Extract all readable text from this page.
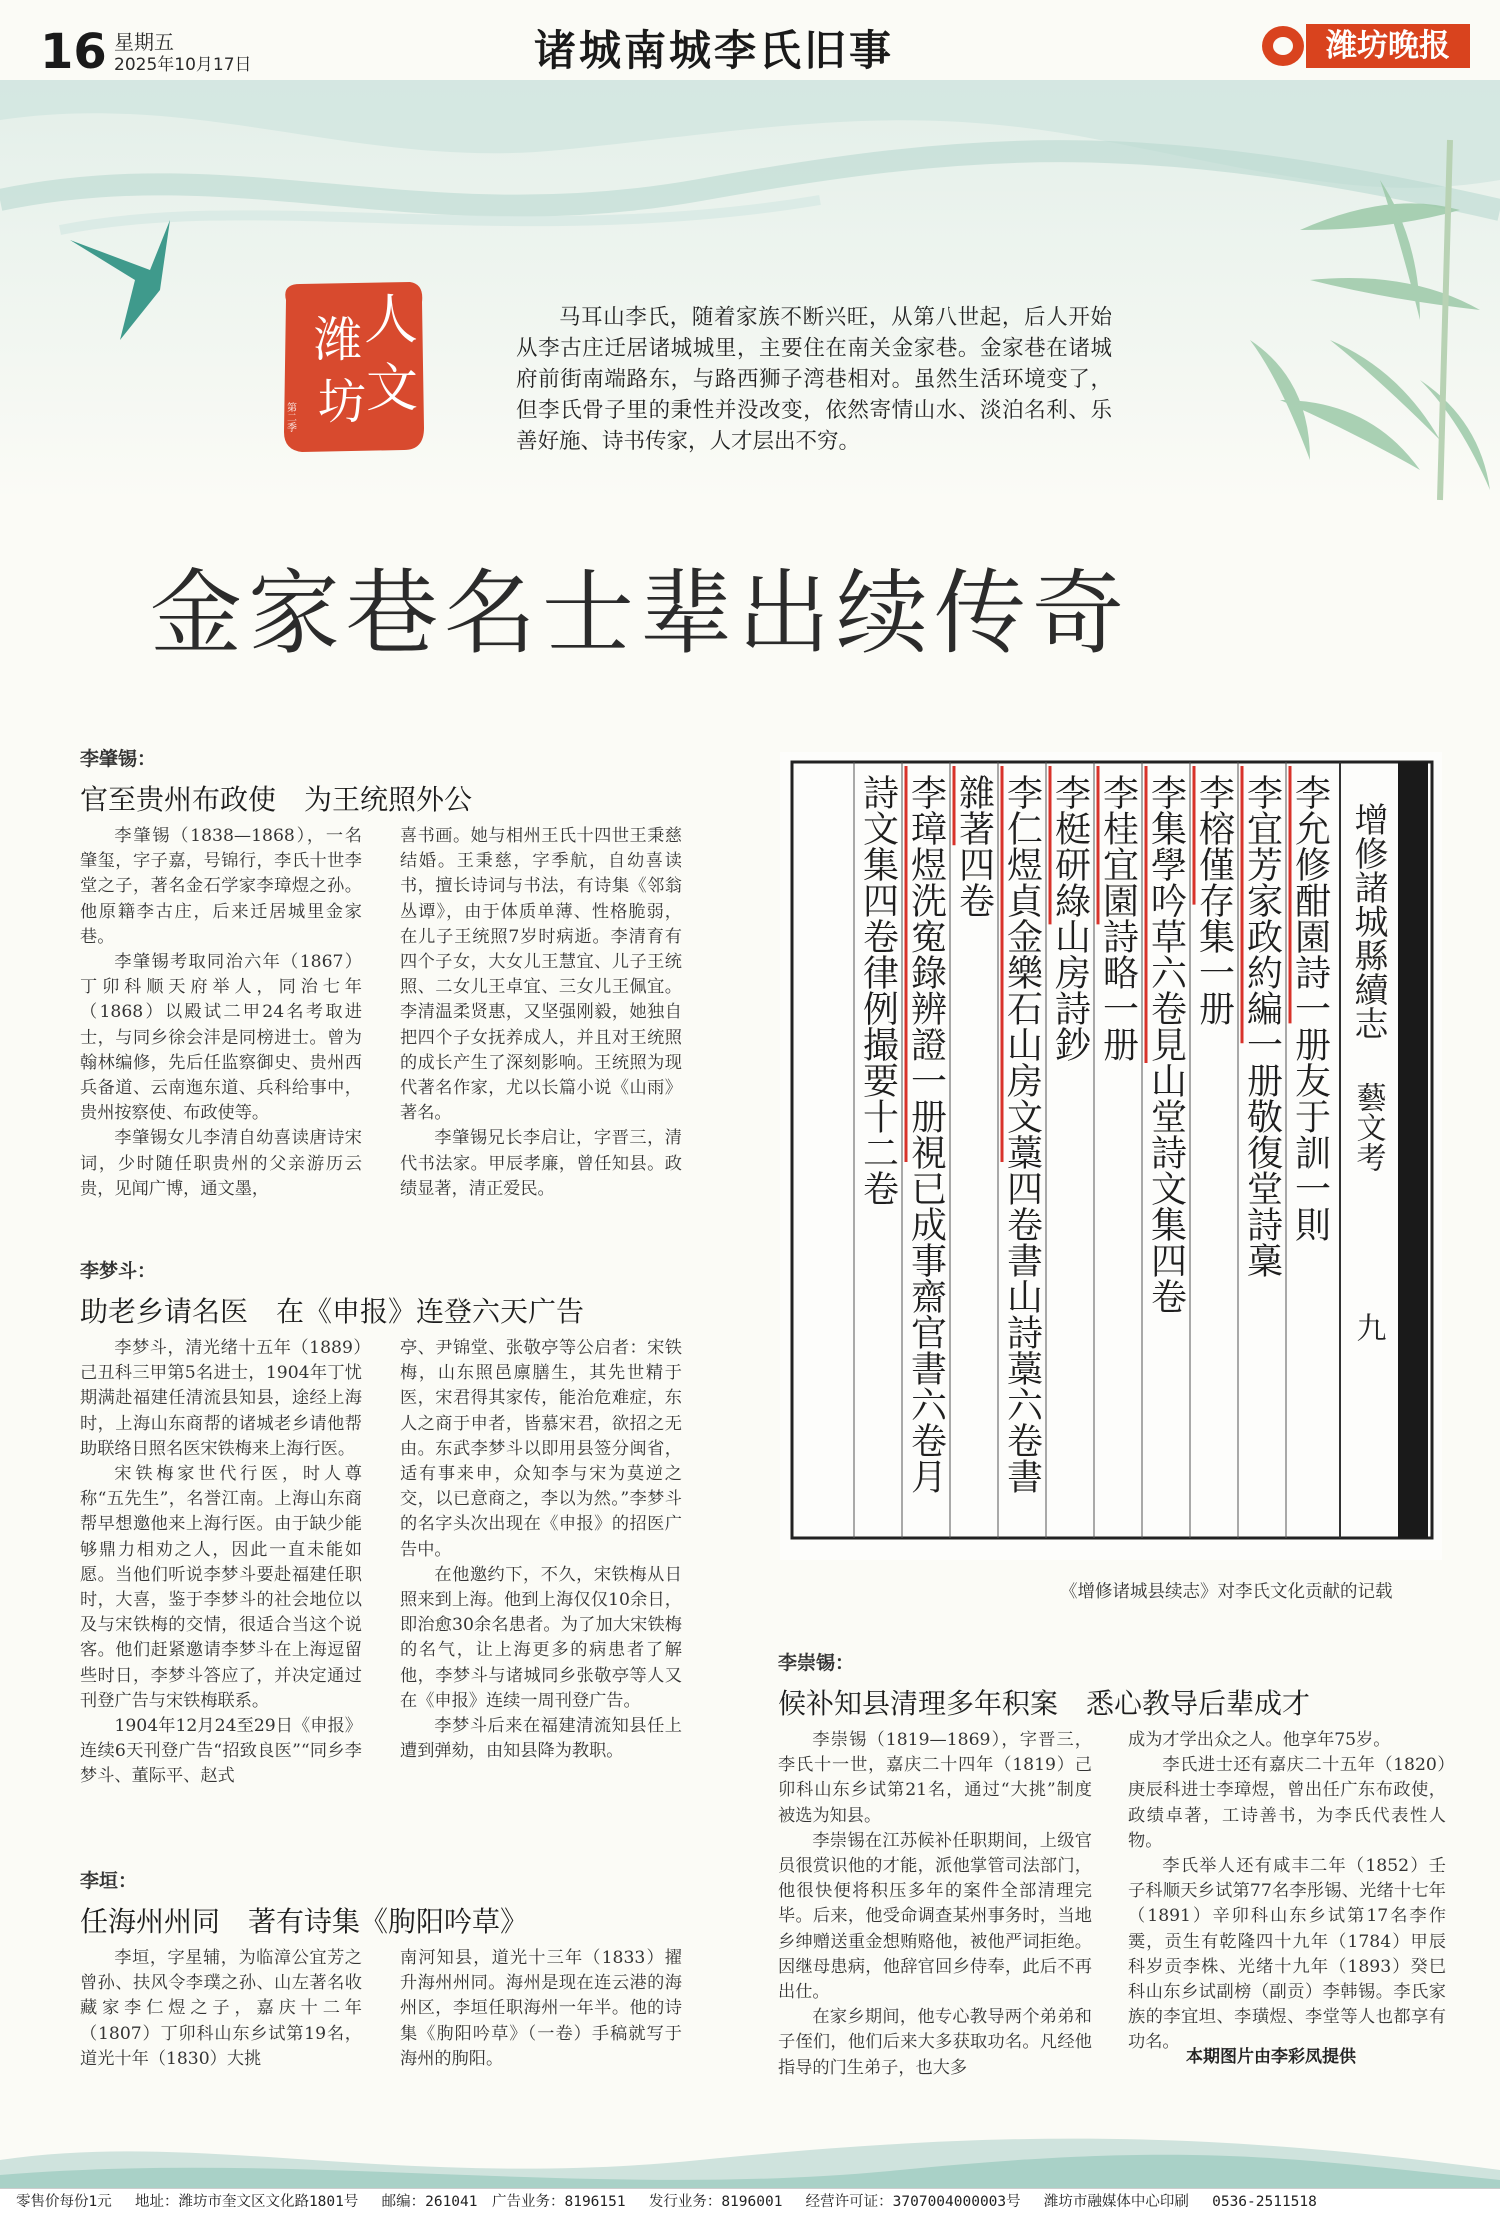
16 星期五
2025年10月17日	诸城南城李氏旧事	潍坊晚报
潍 人
坊 文
第二季
马耳山李氏，随着家族不断兴旺，从第八世起，后人开始从李古庄迁居诸城城里，主要住在南关金家巷。金家巷在诸城府前街南端路东，与路西狮子湾巷相对。虽然生活环境变了，但李氏骨子里的秉性并没改变，依然寄情山水、淡泊名利、乐善好施、诗书传家，人才层出不穷。
金家巷名士辈出续传奇
李肇锡：
官至贵州布政使　为王统照外公

李肇锡（1838—1868），一名肇玺，字子嘉，号锦行，李氏十世李堂之子，著名金石学家李璋煜之孙。他原籍李古庄，后来迁居城里金家巷。

李肇锡考取同治六年（1867）丁卯科顺天府举人，同治七年（1868）以殿试二甲24名考取进士，与同乡徐会沣是同榜进士。曾为翰林编修，先后任监察御史、贵州西兵备道、云南迤东道、兵科给事中，贵州按察使、布政使等。

李肇锡女儿李清自幼喜读唐诗宋词，少时随任职贵州的父亲游历云贵，见闻广博，通文墨，

喜书画。她与相州王氏十四世王秉慈结婚。王秉慈，字季航，自幼喜读书，擅长诗词与书法，有诗集《邻翁丛谭》，由于体质单薄、性格脆弱，在儿子王统照7岁时病逝。李清育有四个子女，大女儿王慧宜、儿子王统照、二女儿王卓宜、三女儿王佩宜。李清温柔贤惠，又坚强刚毅，她独自把四个子女抚养成人，并且对王统照的成长产生了深刻影响。王统照为现代著名作家，尤以长篇小说《山雨》著名。

李肇锡兄长李启让，字晋三，清代书法家。甲辰孝廉，曾任知县。政绩显著，清正爱民。

李梦斗：
助老乡请名医　在《申报》连登六天广告

李梦斗，清光绪十五年（1889）己丑科三甲第5名进士，1904年丁忧期满赴福建任清流县知县，途经上海时，上海山东商帮的诸城老乡请他帮助联络日照名医宋铁梅来上海行医。

宋铁梅家世代行医，时人尊称“五先生”，名誉江南。上海山东商帮早想邀他来上海行医。由于缺少能够鼎力相劝之人，因此一直未能如愿。当他们听说李梦斗要赴福建任职时，大喜，鉴于李梦斗的社会地位以及与宋铁梅的交情，很适合当这个说客。他们赶紧邀请李梦斗在上海逗留些时日，李梦斗答应了，并决定通过刊登广告与宋铁梅联系。

1904年12月24至29日《申报》连续6天刊登广告“招致良医”“同乡李梦斗、董际平、赵式

亭、尹锦堂、张敬亭等公启者：宋铁梅，山东照邑廪膳生，其先世精于医，宋君得其家传，能治危难症，东人之商于申者，皆慕宋君，欲招之无由。东武李梦斗以即用县签分闽省，适有事来申，众知李与宋为莫逆之交，以已意商之，李以为然。”李梦斗的名字头次出现在《申报》的招医广告中。

在他邀约下，不久，宋铁梅从日照来到上海。他到上海仅仅10余日，即治愈30余名患者。为了加大宋铁梅的名气，让上海更多的病患者了解他，李梦斗与诸城同乡张敬亭等人又在《申报》连续一周刊登广告。

李梦斗后来在福建清流知县任上遭到弹劾，由知县降为教职。

李垣：
任海州州同　著有诗集《朐阳吟草》

李垣，字星辅，为临漳公宜芳之曾孙、扶风令李璞之孙、山左著名收藏家李仁煜之子，嘉庆十二年（1807）丁卯科山东乡试第19名，道光十年（1830）大挑

南河知县，道光十三年（1833）擢升海州州同。海州是现在连云港的海州区，李垣任职海州一年半。他的诗集《朐阳吟草》（一卷）手稿就写于海州的朐阳。

李允修酣園詩一册友于訓一則
李宜芳家政約編一册敬復堂詩稾
李榕僅存集一册
李集學吟草六卷見山堂詩文集四卷
李桂宜園詩略一册
李梃研綠山房詩鈔
李仁煜貞金樂石山房文藁四卷書山詩藁六卷書
雜著四卷
李璋煜洗寃錄辨證一册視已成事齋官書六卷月
詩文集四卷律例撮要十二卷	增修諸城縣續志
藝文考
九
《增修诸城县续志》对李氏文化贡献的记载
李崇锡：
候补知县清理多年积案　悉心教导后辈成才

李崇锡（1819—1869），字晋三，李氏十一世，嘉庆二十四年（1819）己卯科山东乡试第21名，通过“大挑”制度被选为知县。

李崇锡在江苏候补任职期间，上级官员很赏识他的才能，派他掌管司法部门，他很快便将积压多年的案件全部清理完毕。后来，他受命调查某州事务时，当地乡绅赠送重金想贿赂他，被他严词拒绝。因继母患病，他辞官回乡侍奉，此后不再出仕。

在家乡期间，他专心教导两个弟弟和子侄们，他们后来大多获取功名。凡经他指导的门生弟子，也大多

成为才学出众之人。他享年75岁。

李氏进士还有嘉庆二十五年（1820）庚辰科进士李璋煜，曾出任广东布政使，政绩卓著，工诗善书，为李氏代表性人物。

李氏举人还有咸丰二年（1852）壬子科顺天乡试第77名李彤锡、光绪十七年（1891）辛卯科山东乡试第17名李作霙，贡生有乾隆四十九年（1784）甲辰科岁贡李株、光绪十九年（1893）癸巳科山东乡试副榜（副贡）李韩锡。李氏家族的李宜坦、李璜煜、李堂等人也都享有功名。

本期图片由李彩凤提供
零售价每份1元　 地址：潍坊市奎文区文化路1801号　 邮编：261041　广告业务：8196151　 发行业务：8196001　 经营许可证：3707004000003号　 潍坊市融媒体中心印刷　 0536-2511518
